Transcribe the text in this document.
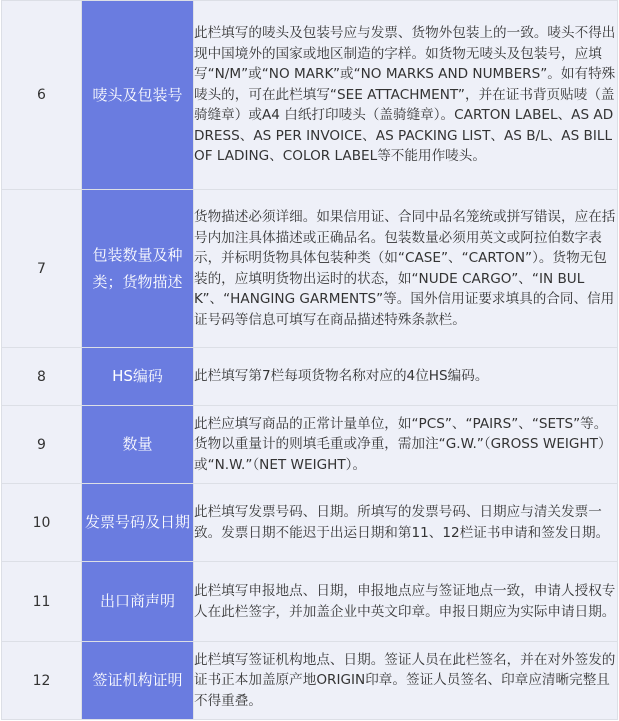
6	唛头及包装号	此栏填写的唛头及包装号应与发票、货物外包装上的一致。唛头不得出现中国境外的国家或地区制造的字样。如货物无唛头及包装号，应填写“N/M”或“NO MARK”或“NO MARKS AND NUMBERS”。如有特殊唛头的，可在此栏填写“SEE ATTACHMENT”，并在证书背页贴唛（盖骑缝章）或A4 白纸打印唛头（盖骑缝章）。CARTON LABEL、AS ADDRESS、AS PER INVOICE、AS PACKING LIST、AS B/L、AS BILL OF LADING、COLOR LABEL等不能用作唛头。
7	包装数量及种类；货物描述	货物描述必须详细。如果信用证、合同中品名笼统或拼写错误，应在括号内加注具体描述或正确品名。包装数量必须用英文或阿拉伯数字表示，并标明货物具体包装种类（如“CASE”、“CARTON”）。货物无包装的，应填明货物出运时的状态，如“NUDE CARGO”、“IN BULK”、“HANGING GARMENTS”等。国外信用证要求填具的合同、信用证号码等信息可填写在商品描述特殊条款栏。
8	HS编码	此栏填写第7栏每项货物名称对应的4位HS编码。
9	数量	此栏应填写商品的正常计量单位，如“PCS”、“PAIRS”、“SETS”等。货物以重量计的则填毛重或净重，需加注“G.W.”（GROSS WEIGHT）或“N.W.”（NET WEIGHT）。
10	发票号码及日期	此栏填写发票号码、日期。所填写的发票号码、日期应与清关发票一致。发票日期不能迟于出运日期和第11、12栏证书申请和签发日期。
11	出口商声明	此栏填写申报地点、日期，申报地点应与签证地点一致，申请人授权专人在此栏签字，并加盖企业中英文印章。申报日期应为实际申请日期。
12	签证机构证明	此栏填写签证机构地点、日期。签证人员在此栏签名，并在对外签发的证书正本加盖原产地ORIGIN印章。签证人员签名、印章应清晰完整且不得重叠。
